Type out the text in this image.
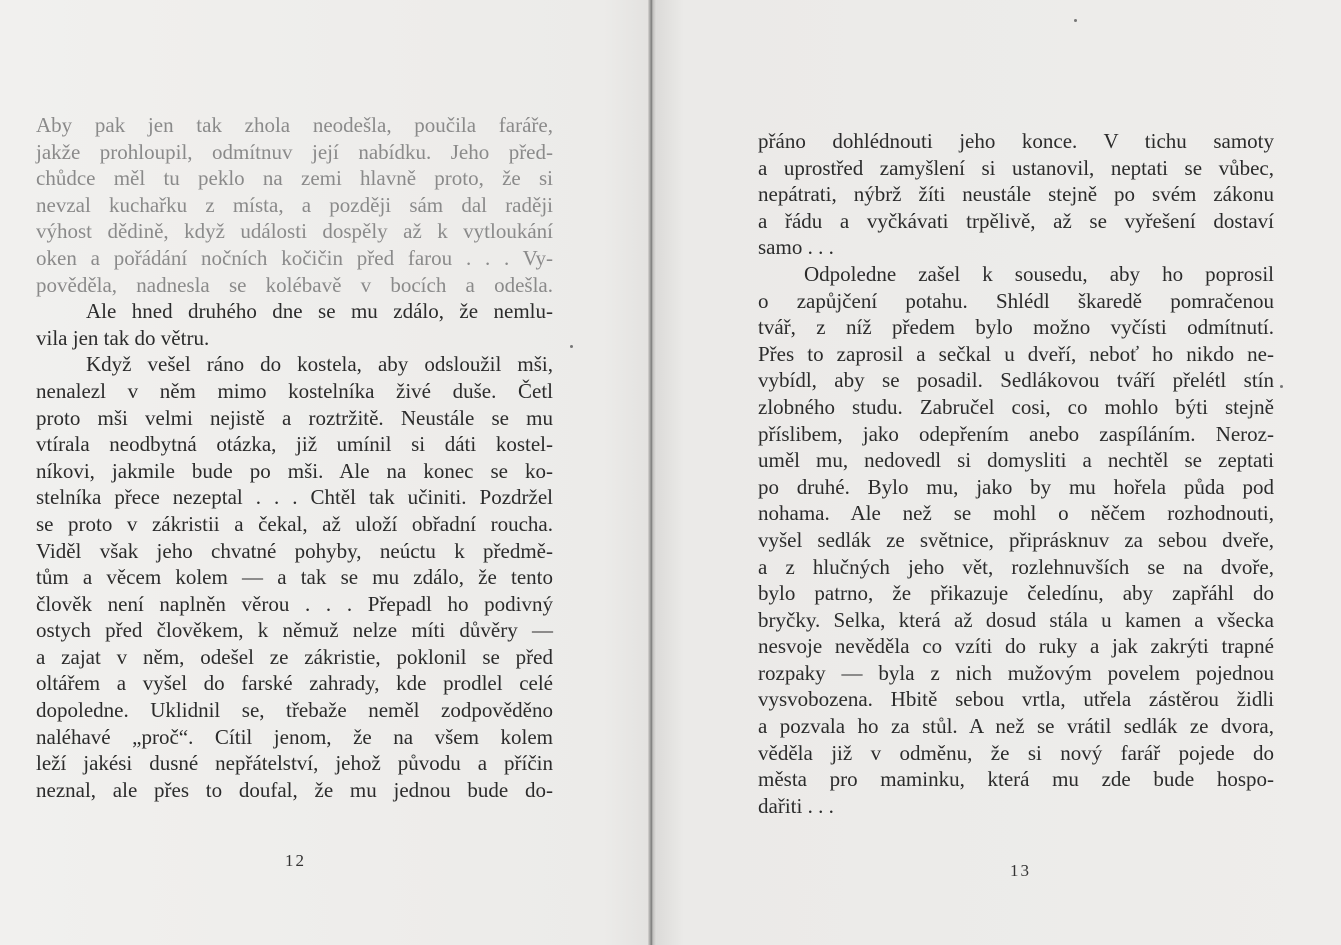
Aby pak jen tak zhola neodešla, poučila faráře,
jakže prohloupil, odmítnuv její nabídku. Jeho před-
chůdce měl tu peklo na zemi hlavně proto, že si
nevzal kuchařku z místa, a později sám dal raději
výhost dědině, když události dospěly až k vytloukání
oken a pořádání nočních kočičin před farou . . . Vy-
pověděla, nadnesla se kolébavě v bocích a odešla.
Ale hned druhého dne se mu zdálo, že nemlu-
vila jen tak do větru.
Když vešel ráno do kostela, aby odsloužil mši,
nenalezl v něm mimo kostelníka živé duše. Četl
proto mši velmi nejistě a roztržitě. Neustále se mu
vtírala neodbytná otázka, již umínil si dáti kostel-
níkovi, jakmile bude po mši. Ale na konec se ko-
stelníka přece nezeptal . . . Chtěl tak učiniti. Pozdržel
se proto v zákristii a čekal, až uloží obřadní roucha.
Viděl však jeho chvatné pohyby, neúctu k předmě-
tům a věcem kolem — a tak se mu zdálo, že tento
člověk není naplněn věrou . . . Přepadl ho podivný
ostych před člověkem, k němuž nelze míti důvěry —
a zajat v něm, odešel ze zákristie, poklonil se před
oltářem a vyšel do farské zahrady, kde prodlel celé
dopoledne. Uklidnil se, třebaže neměl zodpověděno
naléhavé „proč“. Cítil jenom, že na všem kolem
leží jakési dusné nepřátelství, jehož původu a příčin
neznal, ale přes to doufal, že mu jednou bude do-
12
přáno dohlédnouti jeho konce. V tichu samoty
a uprostřed zamyšlení si ustanovil, neptati se vůbec,
nepátrati, nýbrž žíti neustále stejně po svém zákonu
a řádu a vyčkávati trpělivě, až se vyřešení dostaví
samo . . .
Odpoledne zašel k sousedu, aby ho poprosil
o zapůjčení potahu. Shlédl škaredě pomračenou
tvář, z níž předem bylo možno vyčísti odmítnutí.
Přes to zaprosil a sečkal u dveří, neboť ho nikdo ne-
vybídl, aby se posadil. Sedlákovou tváří přelétl stín
zlobného studu. Zabručel cosi, co mohlo býti stejně
příslibem, jako odepřením anebo zaspíláním. Neroz-
uměl mu, nedovedl si domysliti a nechtěl se zeptati
po druhé. Bylo mu, jako by mu hořela půda pod
nohama. Ale než se mohl o něčem rozhodnouti,
vyšel sedlák ze světnice, připrásknuv za sebou dveře,
a z hlučných jeho vět, rozlehnuvších se na dvoře,
bylo patrno, že přikazuje čeledínu, aby zapřáhl do
bryčky. Selka, která až dosud stála u kamen a všecka
nesvoje nevěděla co vzíti do ruky a jak zakrýti trapné
rozpaky — byla z nich mužovým povelem pojednou
vysvobozena. Hbitě sebou vrtla, utřela zástěrou židli
a pozvala ho za stůl. A než se vrátil sedlák ze dvora,
věděla již v odměnu, že si nový farář pojede do
města pro maminku, která mu zde bude hospo-
dařiti . . .
13
